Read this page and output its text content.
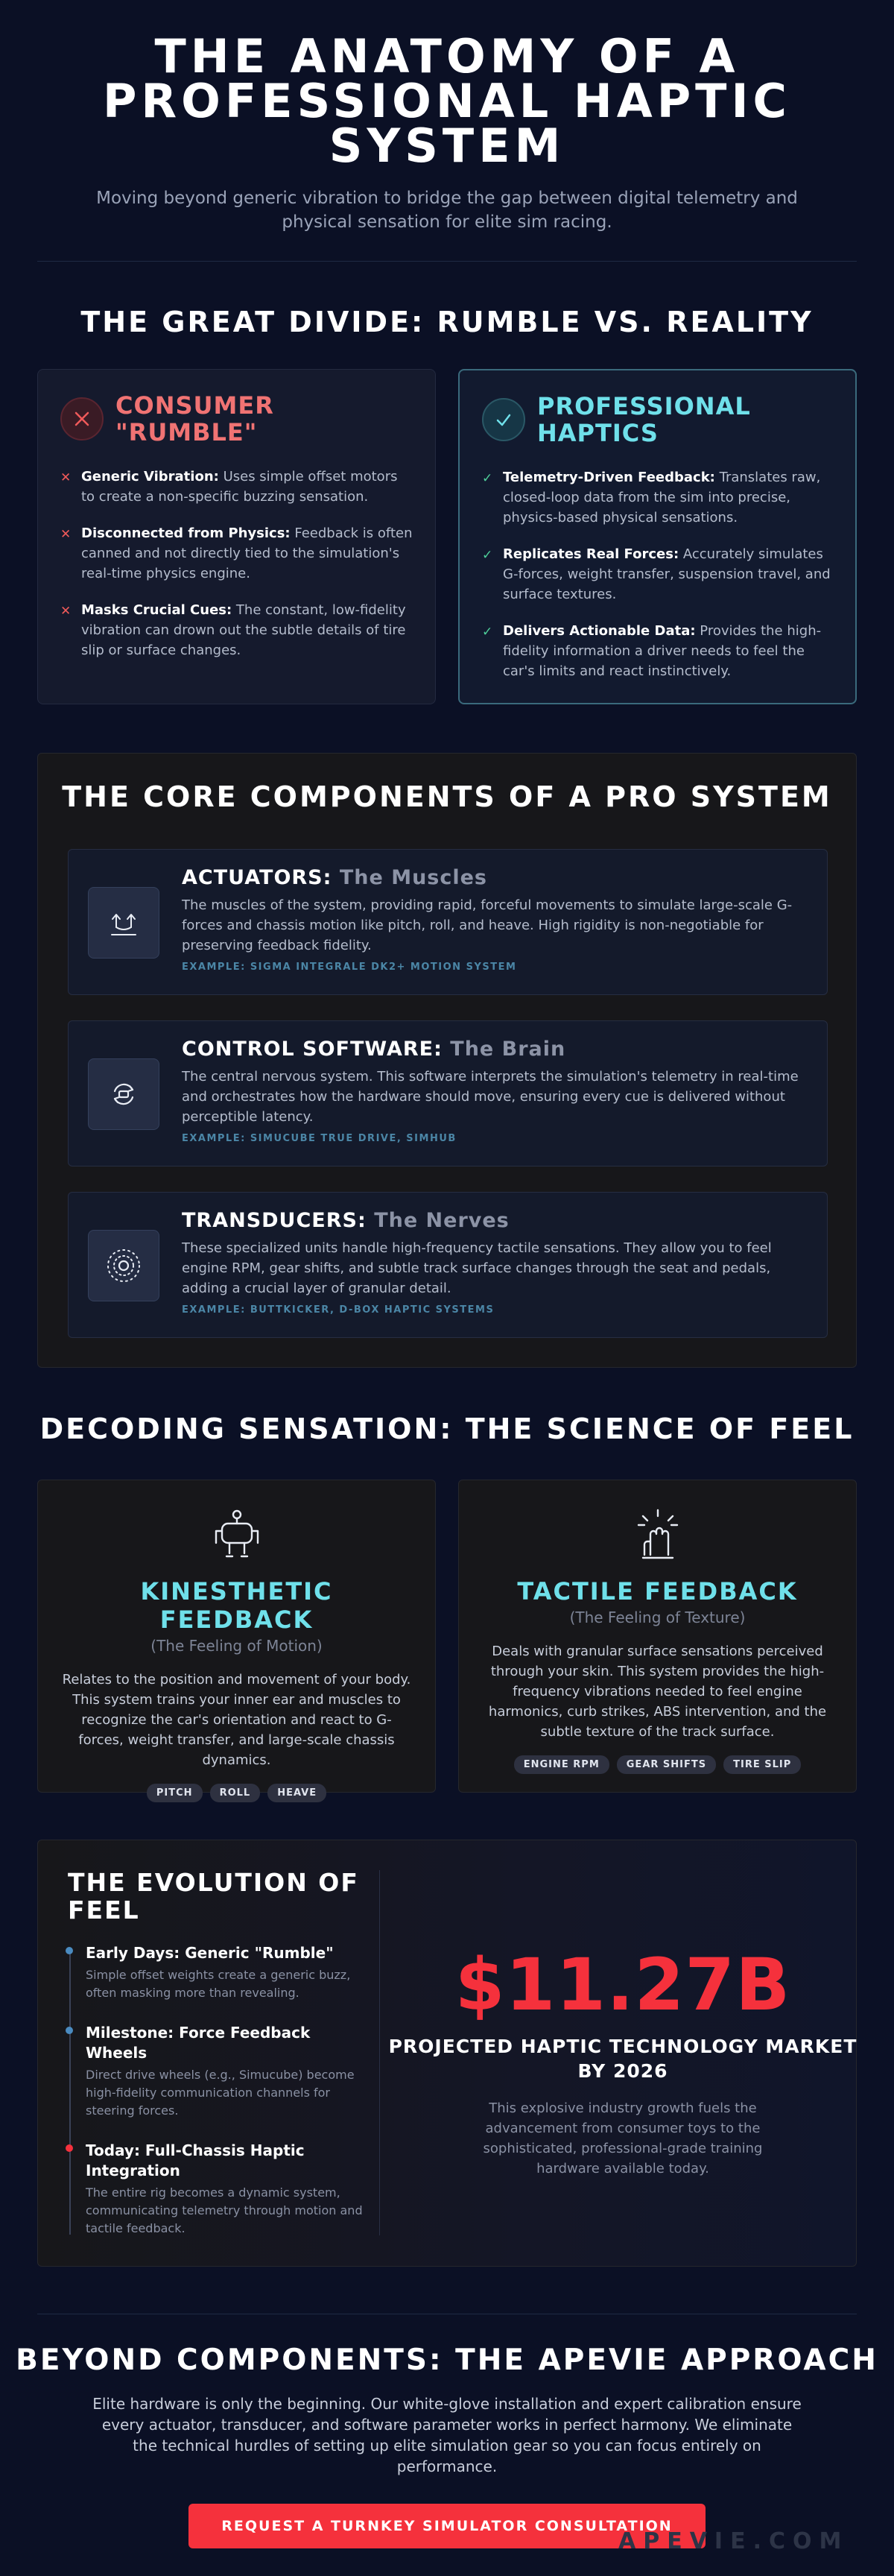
THE ANATOMY OF A PROFESSIONAL HAPTIC SYSTEM

Moving beyond generic vibration to bridge the gap between digital telemetry and physical sensation for elite sim racing.

THE GREAT DIVIDE: RUMBLE VS. REALITY
CONSUMER "RUMBLE"
✕ Generic Vibration: Uses simple offset motors to create a non-specific buzzing sensation.
✕ Disconnected from Physics: Feedback is often canned and not directly tied to the simulation's real-time physics engine.
✕ Masks Crucial Cues: The constant, low-fidelity vibration can drown out the subtle details of tire slip or surface changes.
PROFESSIONAL HAPTICS
✓ Telemetry-Driven Feedback: Translates raw, closed-loop data from the sim into precise, physics-based physical sensations.
✓ Replicates Real Forces: Accurately simulates G-forces, weight transfer, suspension travel, and surface textures.
✓ Delivers Actionable Data: Provides the high-fidelity information a driver needs to feel the car's limits and react instinctively.
THE CORE COMPONENTS OF A PRO SYSTEM
ACTUATORS: The Muscles
The muscles of the system, providing rapid, forceful movements to simulate large-scale G-forces and chassis motion like pitch, roll, and heave. High rigidity is non-negotiable for preserving feedback fidelity.
EXAMPLE: SIGMA INTEGRALE DK2+ MOTION SYSTEM
CONTROL SOFTWARE: The Brain
The central nervous system. This software interprets the simulation's telemetry in real-time and orchestrates how the hardware should move, ensuring every cue is delivered without perceptible latency.
EXAMPLE: SIMUCUBE TRUE DRIVE, SIMHUB
TRANSDUCERS: The Nerves
These specialized units handle high-frequency tactile sensations. They allow you to feel engine RPM, gear shifts, and subtle track surface changes through the seat and pedals, adding a crucial layer of granular detail.
EXAMPLE: BUTTKICKER, D-BOX HAPTIC SYSTEMS
DECODING SENSATION: THE SCIENCE OF FEEL
KINESTHETIC FEEDBACK
(The Feeling of Motion)
Relates to the position and movement of your body. This system trains your inner ear and muscles to recognize the car's orientation and react to G-forces, weight transfer, and large-scale chassis dynamics.
PITCH	ROLL	HEAVE
TACTILE FEEDBACK
(The Feeling of Texture)
Deals with granular surface sensations perceived through your skin. This system provides the high-frequency vibrations needed to feel engine harmonics, curb strikes, ABS intervention, and the subtle texture of the track surface.
ENGINE RPM	GEAR SHIFTS	TIRE SLIP
THE EVOLUTION OF FEEL
Early Days: Generic "Rumble"
Simple offset weights create a generic buzz, often masking more than revealing.
Milestone: Force Feedback Wheels
Direct drive wheels (e.g., Simucube) become high-fidelity communication channels for steering forces.
Today: Full-Chassis Haptic Integration
The entire rig becomes a dynamic system, communicating telemetry through motion and tactile feedback.
$11.27B
PROJECTED HAPTIC TECHNOLOGY MARKET BY 2026
This explosive industry growth fuels the advancement from consumer toys to the sophisticated, professional-grade training hardware available today.
BEYOND COMPONENTS: THE APEVIE APPROACH

Elite hardware is only the beginning. Our white-glove installation and expert calibration ensure every actuator, transducer, and software parameter works in perfect harmony. We eliminate the technical hurdles of setting up elite simulation gear so you can focus entirely on performance.

REQUEST A TURNKEY SIMULATOR CONSULTATION
APEVIE.COM
